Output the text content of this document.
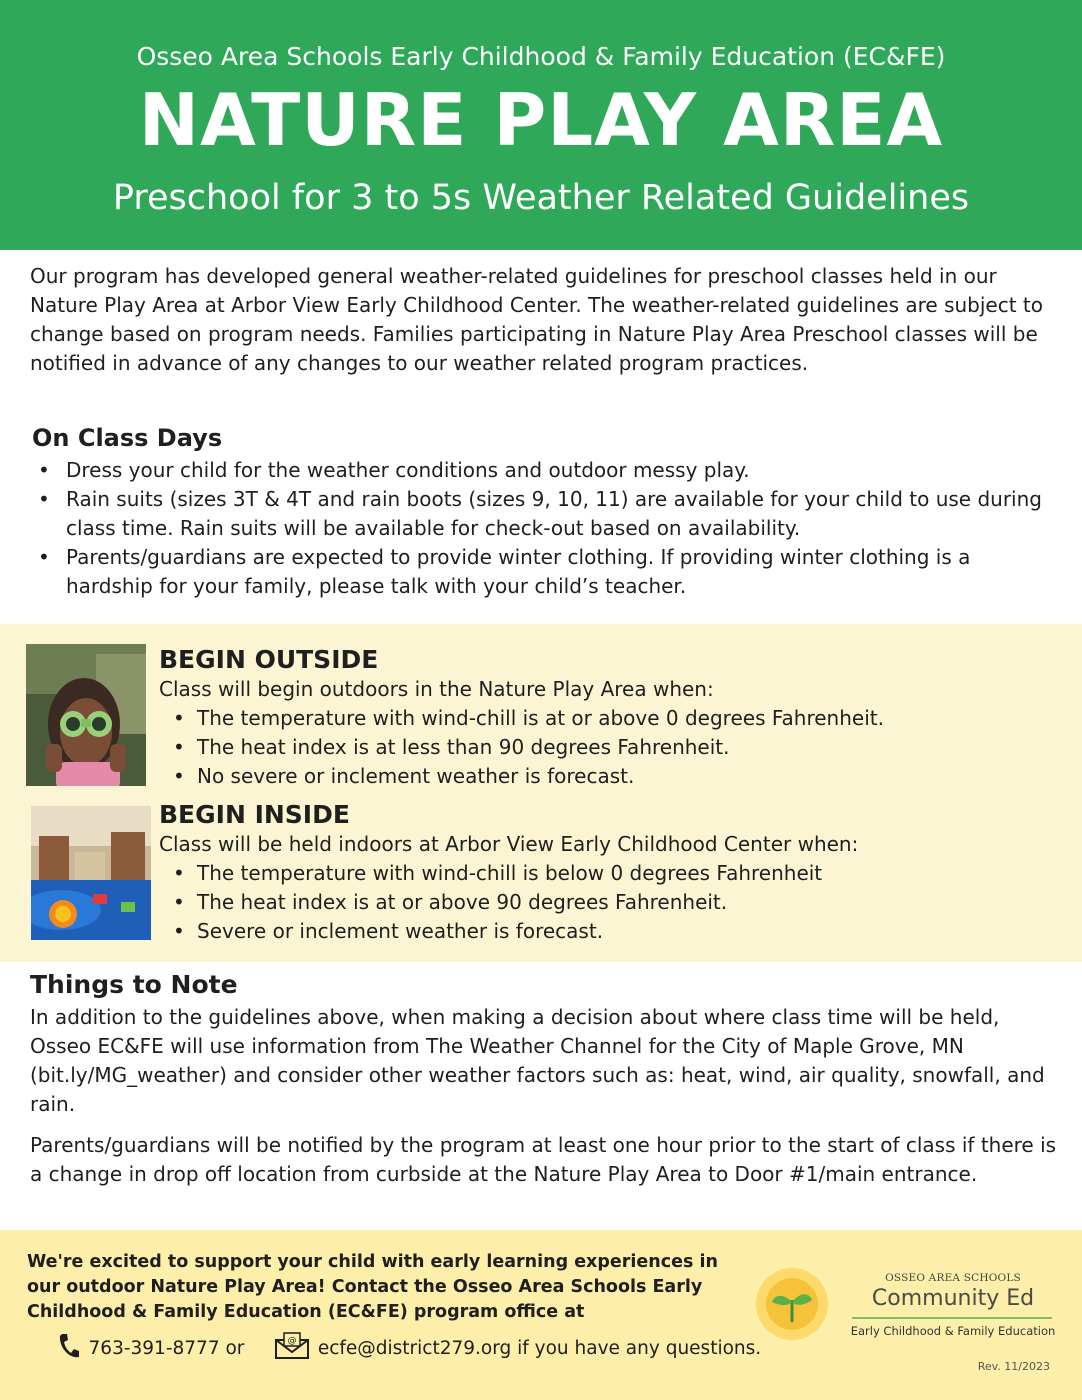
Osseo Area Schools Early Childhood & Family Education (EC&FE)
NATURE PLAY AREA
Preschool for 3 to 5s Weather Related Guidelines

Our program has developed general weather-related guidelines for preschool classes held in our Nature Play Area at Arbor View Early Childhood Center. The weather-related guidelines are subject to change based on program needs. Families participating in Nature Play Area Preschool classes will be notified in advance of any changes to our weather related program practices.

On Class Days
• Dress your child for the weather conditions and outdoor messy play.
• Rain suits (sizes 3T & 4T and rain boots (sizes 9, 10, 11) are available for your child to use during class time. Rain suits will be available for check-out based on availability.
• Parents/guardians are expected to provide winter clothing. If providing winter clothing is a hardship for your family, please talk with your child’s teacher.
BEGIN OUTSIDE
Class will begin outdoors in the Nature Play Area when:
• The temperature with wind-chill is at or above 0 degrees Fahrenheit.
• The heat index is at less than 90 degrees Fahrenheit.
• No severe or inclement weather is forecast.
BEGIN INSIDE
Class will be held indoors at Arbor View Early Childhood Center when:
• The temperature with wind-chill is below 0 degrees Fahrenheit
• The heat index is at or above 90 degrees Fahrenheit.
• Severe or inclement weather is forecast.
Things to Note

In addition to the guidelines above, when making a decision about where class time will be held, Osseo EC&FE will use information from The Weather Channel for the City of Maple Grove, MN (bit.ly/MG_weather) and consider other weather factors such as: heat, wind, air quality, snowfall, and rain.

Parents/guardians will be notified by the program at least one hour prior to the start of class if there is a change in drop off location from curbside at the Nature Play Area to Door #1/main entrance.

We're excited to support your child with early learning experiences in our outdoor Nature Play Area! Contact the Osseo Area Schools Early Childhood & Family Education (EC&FE) program office at

763-391-8777 or

	@

ecfe@district279.org if you have any questions.
OSSEO AREA SCHOOLS
Community Ed
Early Childhood & Family Education
Rev. 11/2023
